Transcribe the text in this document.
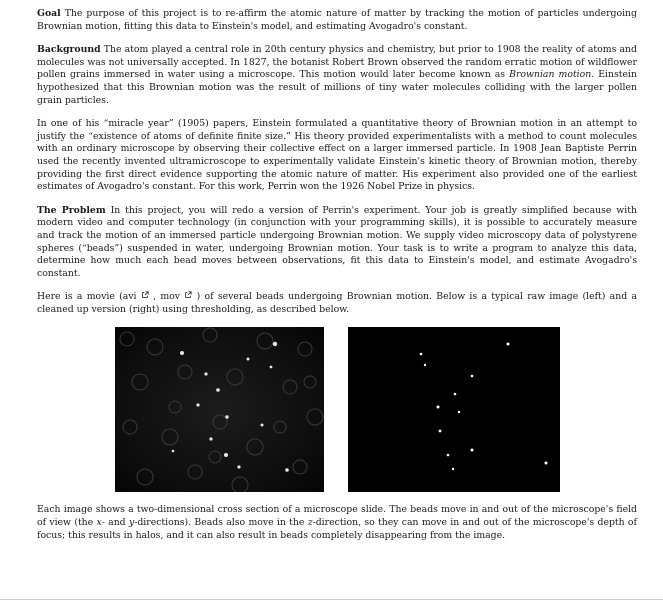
Goal The purpose of this project is to re-affirm the atomic nature of matter by tracking the motion of particles undergoing Brownian motion, fitting this data to Einstein's model, and estimating Avogadro's constant.

Background The atom played a central role in 20th century physics and chemistry, but prior to 1908 the reality of atoms and molecules was not universally accepted. In 1827, the botanist Robert Brown observed the random erratic motion of wildflower pollen grains immersed in water using a microscope. This motion would later become known as Brownian motion. Einstein hypothesized that this Brownian motion was the result of millions of tiny water molecules colliding with the larger pollen grain particles.

In one of his “miracle year” (1905) papers, Einstein formulated a quantitative theory of Brownian motion in an attempt to justify the “existence of atoms of definite finite size.” His theory provided experimentalists with a method to count molecules with an ordinary microscope by observing their collective effect on a larger immersed particle. In 1908 Jean Baptiste Perrin used the recently invented ultramicroscope to experimentally validate Einstein's kinetic theory of Brownian motion, thereby providing the first direct evidence supporting the atomic nature of matter. His experiment also provided one of the earliest estimates of Avogadro's constant. For this work, Perrin won the 1926 Nobel Prize in physics.

The Problem In this project, you will redo a version of Perrin's experiment. Your job is greatly simplified because with modern video and computer technology (in conjunction with your programming skills), it is possible to accurately measure and track the motion of an immersed particle undergoing Brownian motion. We supply video microscopy data of polystyrene spheres (“beads”) suspended in water, undergoing Brownian motion. Your task is to write a program to analyze this data, determine how much each bead moves between observations, fit this data to Einstein's model, and estimate Avogadro's constant.

Here is a movie (avi  , mov  ) of several beads undergoing Brownian motion. Below is a typical raw image (left) and a cleaned up version (right) using thresholding, as described below.

Each image shows a two-dimensional cross section of a microscope slide. The beads move in and out of the microscope's field of view (the x- and y-directions). Beads also move in the z-direction, so they can move in and out of the microscope's depth of focus; this results in halos, and it can also result in beads completely disappearing from the image.
